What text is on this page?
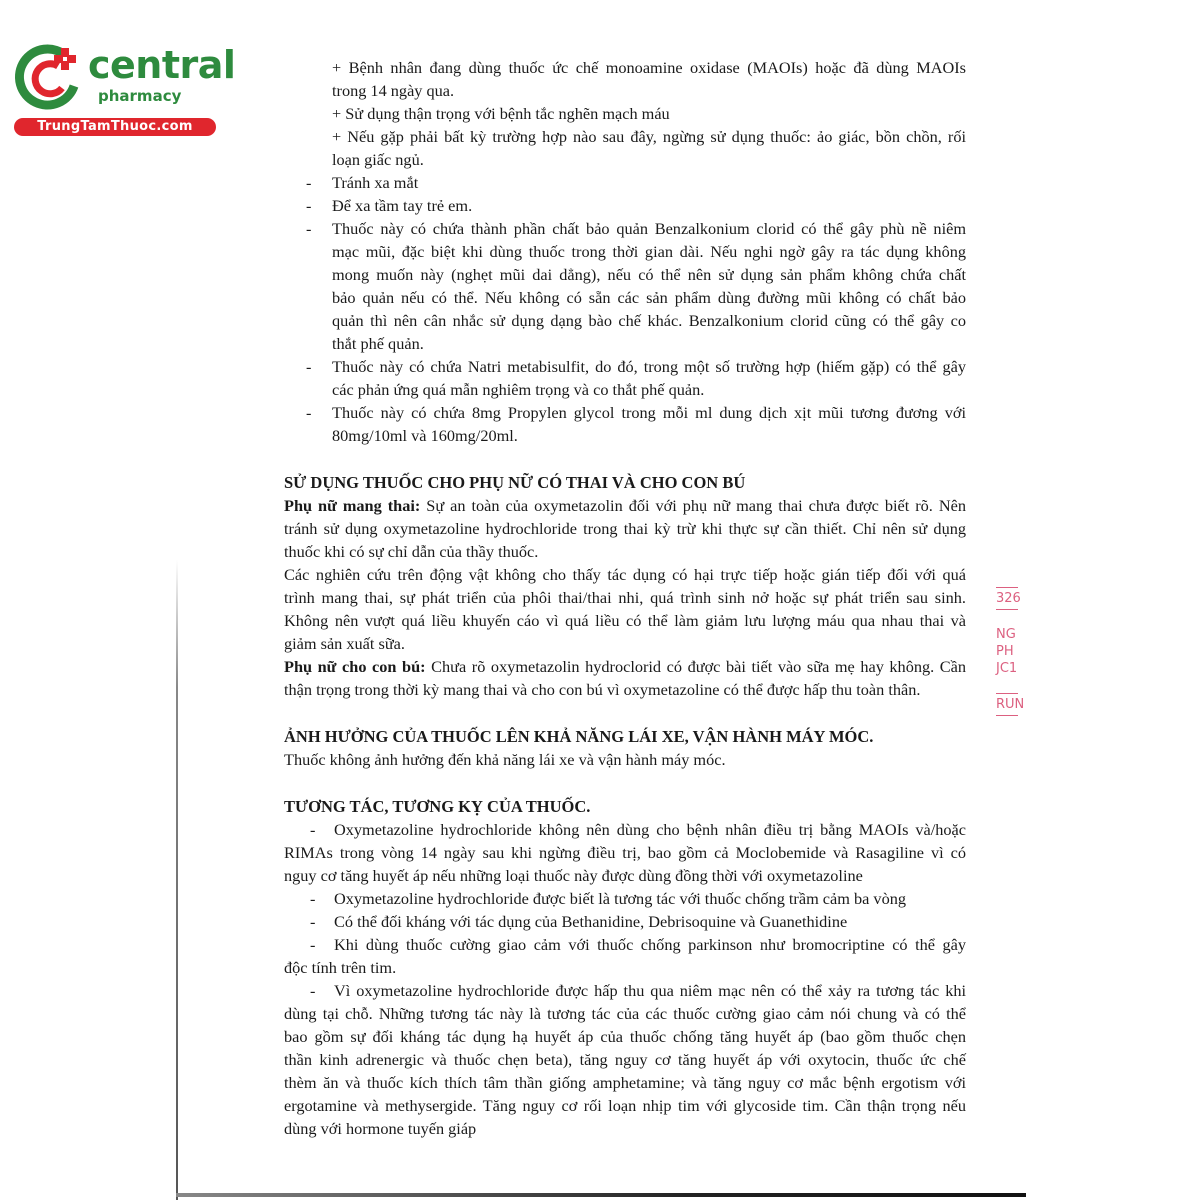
central
pharmacy
TrungTamThuoc.com
+ Bệnh nhân đang dùng thuốc ức chế monoamine oxidase (MAOIs) hoặc đã dùng MAOIs
trong 14 ngày qua.
+ Sử dụng thận trọng với bệnh tắc nghẽn mạch máu
+ Nếu gặp phải bất kỳ trường hợp nào sau đây, ngừng sử dụng thuốc: ảo giác, bồn chồn, rối
loạn giấc ngủ.
- Tránh xa mắt
- Để xa tầm tay trẻ em.
- Thuốc này có chứa thành phần chất bảo quản Benzalkonium clorid có thể gây phù nề niêm
mạc mũi, đặc biệt khi dùng thuốc trong thời gian dài. Nếu nghi ngờ gây ra tác dụng không
mong muốn này (nghẹt mũi dai dẳng), nếu có thể nên sử dụng sản phẩm không chứa chất
bảo quản nếu có thể. Nếu không có sẵn các sản phẩm dùng đường mũi không có chất bảo
quản thì nên cân nhắc sử dụng dạng bào chế khác. Benzalkonium clorid cũng có thể gây co
thắt phế quản.
- Thuốc này có chứa Natri metabisulfit, do đó, trong một số trường hợp (hiếm gặp) có thể gây
các phản ứng quá mẫn nghiêm trọng và co thắt phế quản.
- Thuốc này có chứa 8mg Propylen glycol trong mỗi ml dung dịch xịt mũi tương đương với
80mg/10ml và 160mg/20ml.
SỬ DỤNG THUỐC CHO PHỤ NỮ CÓ THAI VÀ CHO CON BÚ
Phụ nữ mang thai: Sự an toàn của oxymetazolin đối với phụ nữ mang thai chưa được biết rõ. Nên
tránh sử dụng oxymetazoline hydrochloride trong thai kỳ trừ khi thực sự cần thiết. Chỉ nên sử dụng
thuốc khi có sự chỉ dẫn của thầy thuốc.
Các nghiên cứu trên động vật không cho thấy tác dụng có hại trực tiếp hoặc gián tiếp đối với quá
trình mang thai, sự phát triển của phôi thai/thai nhi, quá trình sinh nở hoặc sự phát triển sau sinh.
Không nên vượt quá liều khuyến cáo vì quá liều có thể làm giảm lưu lượng máu qua nhau thai và
giảm sản xuất sữa.
Phụ nữ cho con bú: Chưa rõ oxymetazolin hydroclorid có được bài tiết vào sữa mẹ hay không. Cần
thận trọng trong thời kỳ mang thai và cho con bú vì oxymetazoline có thể được hấp thu toàn thân.
ẢNH HƯỞNG CỦA THUỐC LÊN KHẢ NĂNG LÁI XE, VẬN HÀNH MÁY MÓC.
Thuốc không ảnh hưởng đến khả năng lái xe và vận hành máy móc.
TƯƠNG TÁC, TƯƠNG KỴ CỦA THUỐC.
-	Oxymetazoline hydrochloride không nên dùng cho bệnh nhân điều trị bằng MAOIs và/hoặc
RIMAs trong vòng 14 ngày sau khi ngừng điều trị, bao gồm cả Moclobemide và Rasagiline vì có
nguy cơ tăng huyết áp nếu những loại thuốc này được dùng đồng thời với oxymetazoline
-	Oxymetazoline hydrochloride được biết là tương tác với thuốc chống trầm cảm ba vòng
-	Có thể đối kháng với tác dụng của Bethanidine, Debrisoquine và Guanethidine
-	Khi dùng thuốc cường giao cảm với thuốc chống parkinson như bromocriptine có thể gây
độc tính trên tim.
-	Vì oxymetazoline hydrochloride được hấp thu qua niêm mạc nên có thể xảy ra tương tác khi
dùng tại chỗ. Những tương tác này là tương tác của các thuốc cường giao cảm nói chung và có thể
bao gồm sự đối kháng tác dụng hạ huyết áp của thuốc chống tăng huyết áp (bao gồm thuốc chẹn
thần kinh adrenergic và thuốc chẹn beta), tăng nguy cơ tăng huyết áp với oxytocin, thuốc ức chế
thèm ăn và thuốc kích thích tâm thần giống amphetamine; và tăng nguy cơ mắc bệnh ergotism với
ergotamine và methysergide. Tăng nguy cơ rối loạn nhịp tim với glycoside tim. Cần thận trọng nếu
dùng với hormone tuyến giáp
326
NG
PH
JC1
RUN
